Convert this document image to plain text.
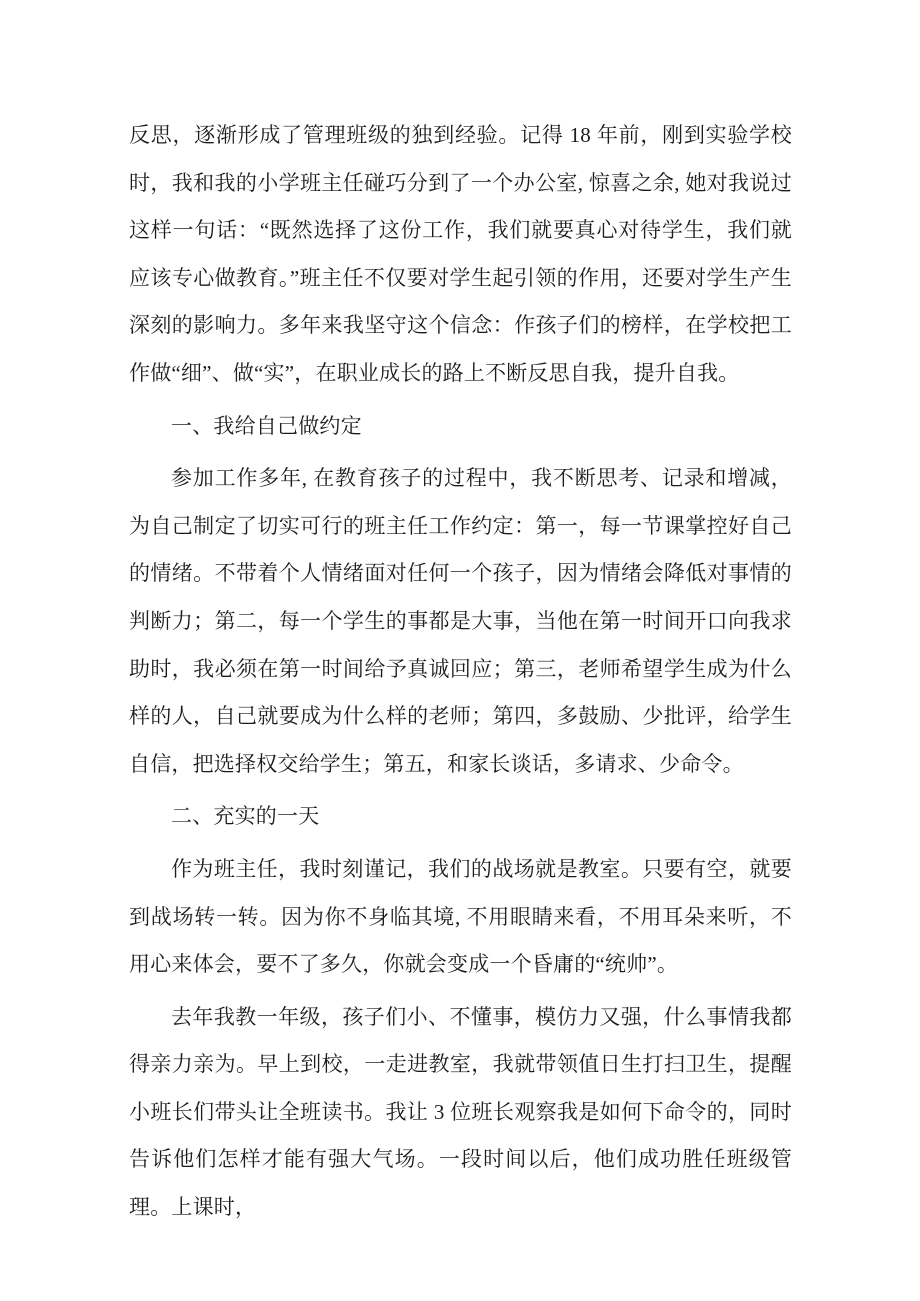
反思，逐渐形成了管理班级的独到经验。记得 18 年前，刚到实验学校时，我和我的小学班主任碰巧分到了一个办公室, 惊喜之余, 她对我说过这样一句话：“既然选择了这份工作，我们就要真心对待学生，我们就应该专心做教育。”班主任不仅要对学生起引领的作用，还要对学生产生深刻的影响力。多年来我坚守这个信念：作孩子们的榜样，在学校把工作做“细”、做“实”，在职业成长的路上不断反思自我，提升自我。

一、我给自己做约定

参加工作多年, 在教育孩子的过程中，我不断思考、记录和增减，为自己制定了切实可行的班主任工作约定：第一，每一节课掌控好自己的情绪。不带着个人情绪面对任何一个孩子，因为情绪会降低对事情的判断力；第二，每一个学生的事都是大事，当他在第一时间开口向我求助时，我必须在第一时间给予真诚回应；第三，老师希望学生成为什么样的人，自己就要成为什么样的老师；第四，多鼓励、少批评，给学生自信，把选择权交给学生；第五，和家长谈话，多请求、少命令。

二、充实的一天

作为班主任，我时刻谨记，我们的战场就是教室。只要有空，就要到战场转一转。因为你不身临其境, 不用眼睛来看，不用耳朵来听，不用心来体会，要不了多久，你就会变成一个昏庸的“统帅”。

去年我教一年级，孩子们小、不懂事，模仿力又强，什么事情我都得亲力亲为。早上到校，一走进教室，我就带领值日生打扫卫生，提醒小班长们带头让全班读书。我让 3 位班长观察我是如何下命令的，同时告诉他们怎样才能有强大气场。一段时间以后，他们成功胜任班级管理。上课时，
